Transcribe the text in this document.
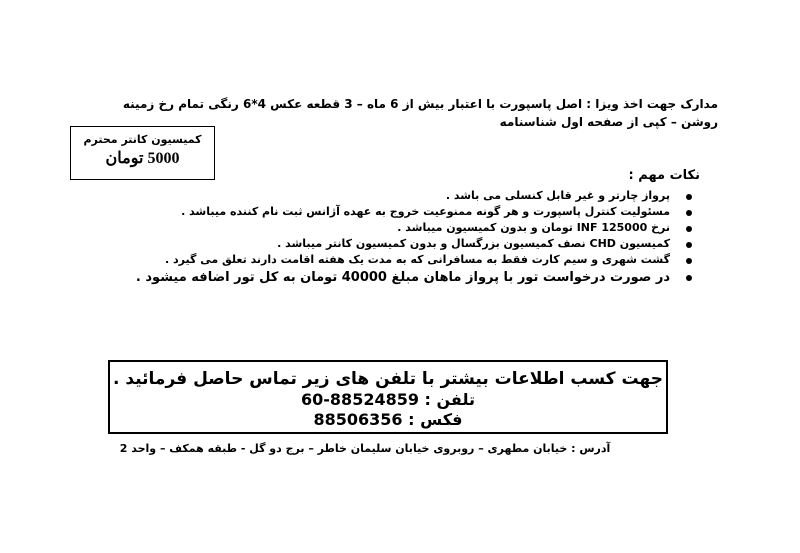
مدارک جهت اخذ ویزا : اصل پاسپورت با اعتبار بیش از 6 ماه – 3 قطعه عکس 4*6 رنگی تمام رخ زمینه روشن – کپی از صفحه اول شناسنامه
کمیسیون کانتر محترم
5000 تومان
نکات مهم :
پرواز چارتر و غیر قابل کنسلی می باشد .
مسئولیت کنترل پاسپورت و هر گونه ممنوعیت خروج به عهده آژانس ثبت نام کننده میباشد .
نرخ INF 125000 تومان و بدون کمیسیون میباشد .
کمیسیون CHD نصف کمیسیون بزرگسال و بدون کمیسیون کانتر میباشد .
گشت شهری و سیم کارت فقط به مسافرانی که به مدت یک هفته اقامت دارند تعلق می گیرد .
در صورت درخواست تور با پرواز ماهان مبلغ 40000 تومان به کل تور اضافه میشود .
جهت کسب اطلاعات بیشتر با تلفن های زیر تماس حاصل فرمائید .
تلفن : 88524859-60
فکس : 88506356
آدرس : خیابان مطهری – روبروی خیابان سلیمان خاطر – برج دو گل - طبقه همکف – واحد 2
